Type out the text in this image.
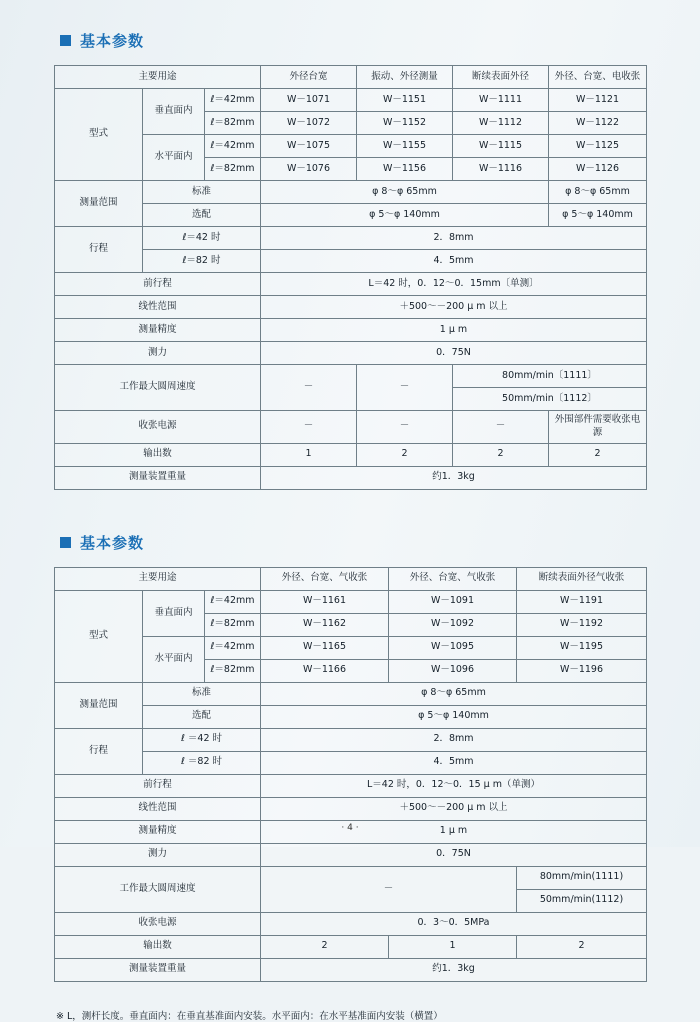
基本参数
主要用途			外径台宽	振动、外径测量	断续表面外径	外径、台宽、电收张
型式	垂直面内	ℓ＝42mm	W－1071	W－1151	W－1111	W－1121
		ℓ＝82mm	W－1072	W－1152	W－1112	W－1122
	水平面内	ℓ＝42mm	W－1075	W－1155	W－1115	W－1125
		ℓ＝82mm	W－1076	W－1156	W－1116	W－1126
测量范围	标准		φ 8～φ 65mm			φ 8～φ 65mm
	选配		φ 5～φ 140mm			φ 5～φ 140mm
行程	ℓ＝42 时		2．8mm			
	ℓ＝82 时		4．5mm			
前行程			L＝42 时，0．12～0．15mm〔单测〕			
线性范围			＋500～－200 μ m 以上			
测量精度			1 μ m			
测力			0．75N			
工作最大圆周速度			－	－	80mm/min〔1111〕	
					50mm/min〔1112〕	
收张电源			－	－	－	外围部件需要收张电源
输出数			1	2	2	2
测量装置重量			约1．3kg			
基本参数
主要用途			外径、台宽、气收张	外径、台宽、气收张	断续表面外径气收张
型式	垂直面内	ℓ＝42mm	W－1161	W－1091	W－1191
		ℓ＝82mm	W－1162	W－1092	W－1192
	水平面内	ℓ＝42mm	W－1165	W－1095	W－1195
		ℓ＝82mm	W－1166	W－1096	W－1196
测量范围	标准		φ 8～φ 65mm		
	选配		φ 5～φ 140mm		
行程	ℓ ＝42 时		2．8mm		
	ℓ ＝82 时		4．5mm		
前行程			L＝42 时，0．12～0．15 μ m（单测）		
线性范围			＋500～－200 μ m 以上		
测量精度			1 μ m		
测力			0．75N		
工作最大圆周速度			－		80mm/min(1111)
					50mm/min(1112)
收张电源			0．3～0．5MPa		
输出数			2	1	2
测量装置重量			约1．3kg		
※ L，测杆长度。垂直面内：在垂直基准面内安装。水平面内：在水平基准面内安装（横置）
· 4 ·
